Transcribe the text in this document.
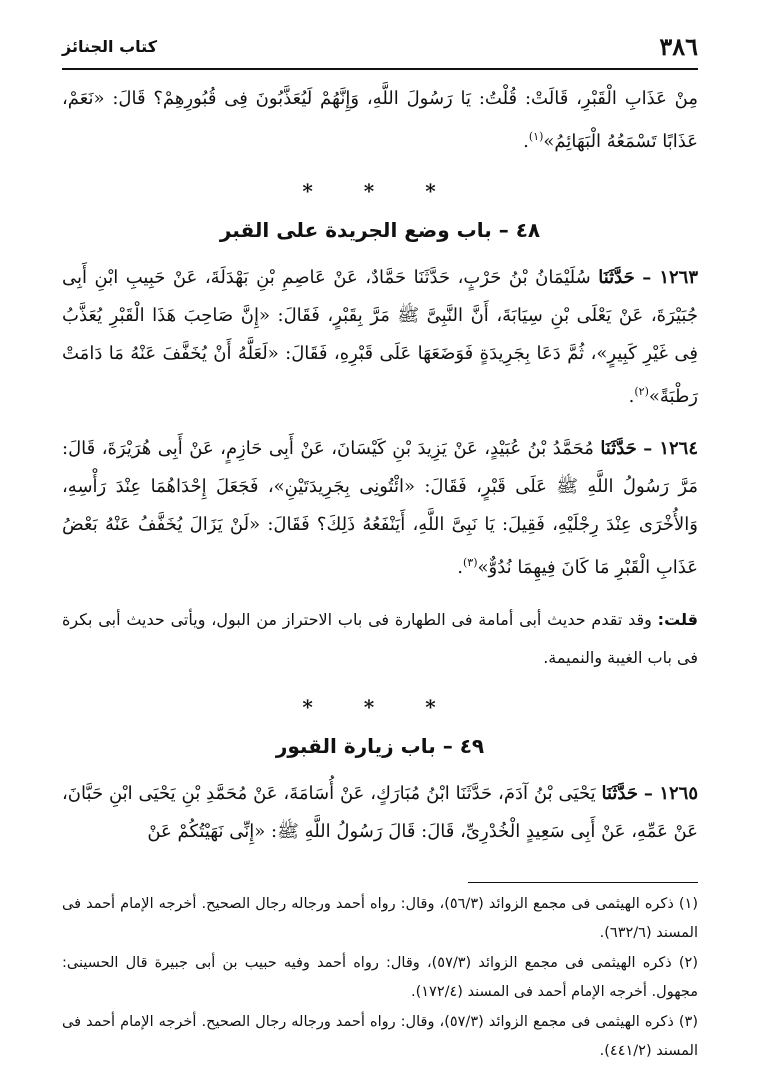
٣٨٦
كتاب الجنائز

مِنْ عَذَابِ الْقَبْرِ، قَالَتْ: قُلْتُ: يَا رَسُولَ اللَّهِ، وَإِنَّهُمْ لَيُعَذَّبُونَ فِى قُبُورِهِمْ؟ قَالَ: «نَعَمْ، عَذَابًا تَسْمَعُهُ الْبَهَائِمُ»$^{(١)}$.

* * *
٤٨ – باب وضع الجريدة على القبر

١٢٦٣ – حَدَّثَنَا سُلَيْمَانُ بْنُ حَرْبٍ، حَدَّثَنَا حَمَّادٌ، عَنْ عَاصِمِ بْنِ بَهْدَلَةَ، عَنْ حَبِيبِ ابْنِ أَبِى جُبَيْرَةَ، عَنْ يَعْلَى بْنِ سِيَابَةَ، أَنَّ النَّبِىَّ ﷺ مَرَّ بِقَبْرٍ، فَقَالَ: «إِنَّ صَاحِبَ هَذَا الْقَبْرِ يُعَذَّبُ فِى غَيْرِ كَبِيرٍ»، ثُمَّ دَعَا بِجَرِيدَةٍ فَوَضَعَهَا عَلَى قَبْرِهِ، فَقَالَ: «لَعَلَّهُ أَنْ يُخَفَّفَ عَنْهُ مَا دَامَتْ رَطْبَةً»$^{(٢)}$.

١٢٦٤ – حَدَّثَنَا مُحَمَّدُ بْنُ عُبَيْدٍ، عَنْ يَزِيدَ بْنِ كَيْسَانَ، عَنْ أَبِى حَازِمٍ، عَنْ أَبِى هُرَيْرَةَ، قَالَ: مَرَّ رَسُولُ اللَّهِ ﷺ عَلَى قَبْرٍ، فَقَالَ: «ائْتُونِى بِجَرِيدَتَيْنِ»، فَجَعَلَ إِحْدَاهُمَا عِنْدَ رَأْسِهِ، وَالأُخْرَى عِنْدَ رِجْلَيْهِ، فَقِيلَ: يَا نَبِىَّ اللَّهِ، أَيَنْفَعُهُ ذَلِكَ؟ فَقَالَ: «لَنْ يَزَالَ يُخَفَّفُ عَنْهُ بَعْضُ عَذَابِ الْقَبْرِ مَا كَانَ فِيهِمَا نُدُوٌّ»$^{(٣)}$.

قلت: وقد تقدم حديث أبى أمامة فى الطهارة فى باب الاحتراز من البول، ويأتى حديث أبى بكرة فى باب الغيبة والنميمة.

* * *
٤٩ – باب زيارة القبور

١٢٦٥ – حَدَّثَنَا يَحْيَى بْنُ آدَمَ، حَدَّثَنَا ابْنُ مُبَارَكٍ، عَنْ أُسَامَةَ، عَنْ مُحَمَّدِ بْنِ يَحْيَى ابْنِ حَبَّانَ، عَنْ عَمِّهِ، عَنْ أَبِى سَعِيدٍ الْخُدْرِىِّ، قَالَ: قَالَ رَسُولُ اللَّهِ ﷺ: «إِنِّى نَهَيْتُكُمْ عَنْ

(١) ذكره الهيثمى فى مجمع الزوائد (٥٦/٣)، وقال: رواه أحمد ورجاله رجال الصحيح. أخرجه الإمام أحمد فى المسند (٦٣٢/٦).

(٢) ذكره الهيثمى فى مجمع الزوائد (٥٧/٣)، وقال: رواه أحمد وفيه حبيب بن أبى جبيرة قال الحسينى: مجهول. أخرجه الإمام أحمد فى المسند (١٧٢/٤).

(٣) ذكره الهيثمى فى مجمع الزوائد (٥٧/٣)، وقال: رواه أحمد ورجاله رجال الصحيح. أخرجه الإمام أحمد فى المسند (٤٤١/٢).
